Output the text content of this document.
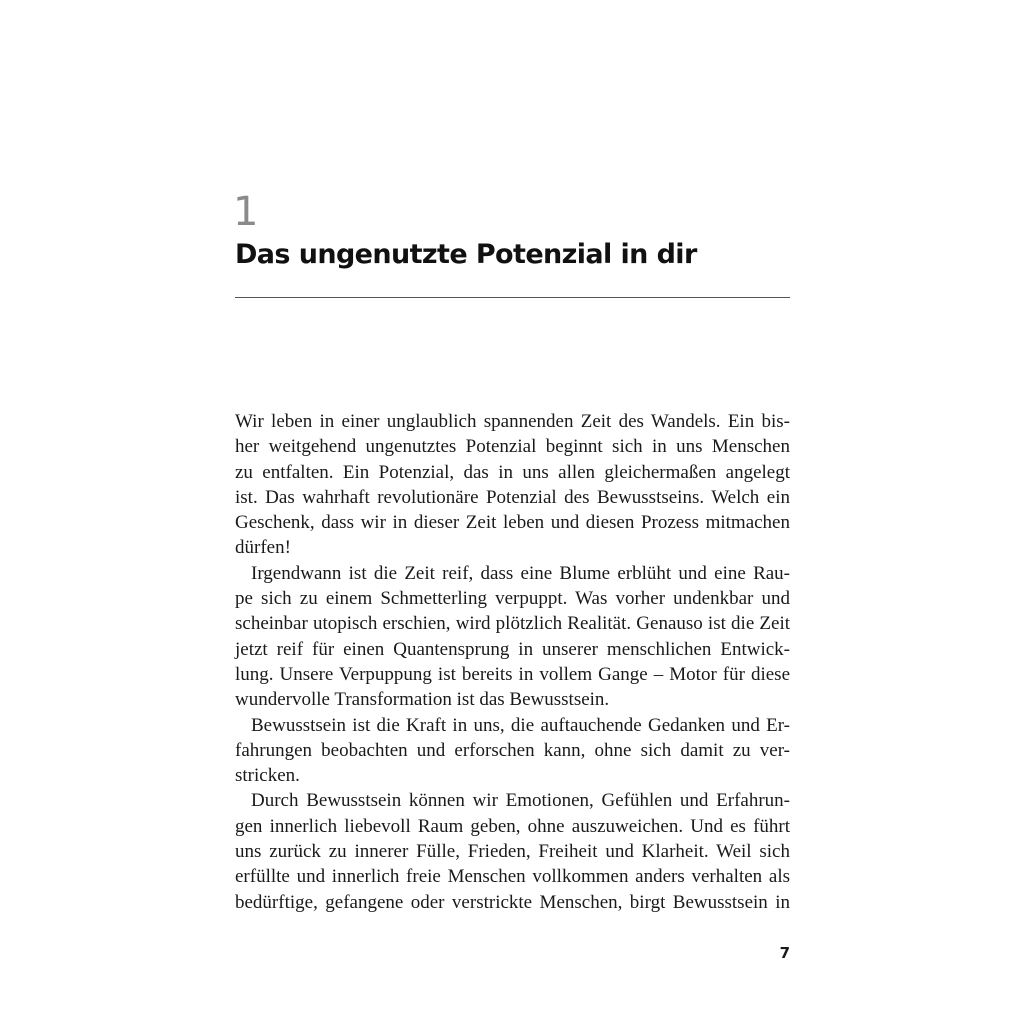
1
Das ungenutzte Potenzial in dir
Wir leben in einer unglaublich spannenden Zeit des Wandels. Ein bis-
her weitgehend ungenutztes Potenzial beginnt sich in uns Menschen
zu entfalten. Ein Potenzial, das in uns allen gleichermaßen angelegt
ist. Das wahrhaft revolutionäre Potenzial des Bewusstseins. Welch ein
Geschenk, dass wir in dieser Zeit leben und diesen Prozess mitmachen
dürfen!
Irgendwann ist die Zeit reif, dass eine Blume erblüht und eine Rau-
pe sich zu einem Schmetterling verpuppt. Was vorher undenkbar und
scheinbar utopisch erschien, wird plötzlich Realität. Genauso ist die Zeit
jetzt reif für einen Quantensprung in unserer menschlichen Entwick-
lung. Unsere Verpuppung ist bereits in vollem Gange – Motor für diese
wundervolle Transformation ist das Bewusstsein.
Bewusstsein ist die Kraft in uns, die auftauchende Gedanken und Er-
fahrungen beobachten und erforschen kann, ohne sich damit zu ver-
stricken.
Durch Bewusstsein können wir Emotionen, Gefühlen und Erfahrun-
gen innerlich liebevoll Raum geben, ohne auszuweichen. Und es führt
uns zurück zu innerer Fülle, Frieden, Freiheit und Klarheit. Weil sich
erfüllte und innerlich freie Menschen vollkommen anders verhalten als
bedürftige, gefangene oder verstrickte Menschen, birgt Bewusstsein in
7
